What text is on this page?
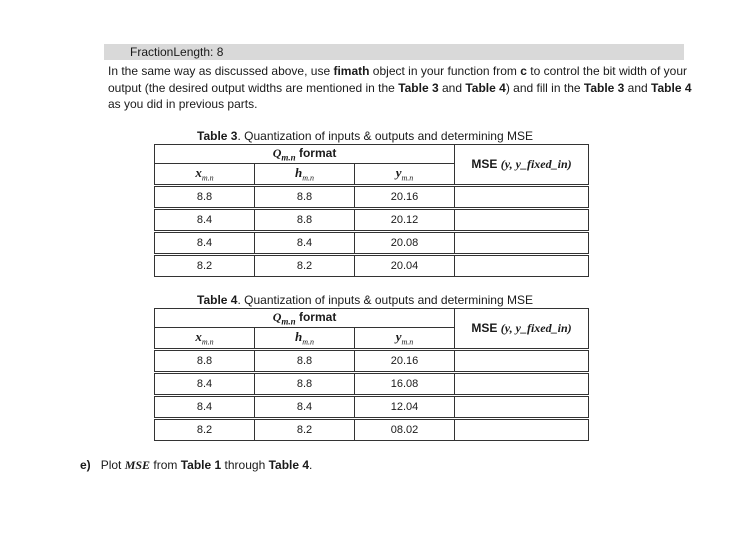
FractionLength: 8
In the same way as discussed above, use fimath object in your function from c to control the bit width of your output (the desired output widths are mentioned in the Table 3 and Table 4) and fill in the Table 3 and Table 4 as you did in previous parts.
Table 3. Quantization of inputs & outputs and determining MSE
$Q_{m.n}$ format			MSE (y, y_fixed_in)
$x_{m.n}$	$h_{m.n}$	$y_{m.n}$
8.8	8.8	20.16	
8.4	8.8	20.12	
8.4	8.4	20.08	
8.2	8.2	20.04	
Table 4. Quantization of inputs & outputs and determining MSE
$Q_{m.n}$ format			MSE (y, y_fixed_in)
$x_{m.n}$	$h_{m.n}$	$y_{m.n}$
8.8	8.8	20.16	
8.4	8.8	16.08	
8.4	8.4	12.04	
8.2	8.2	08.02	
e) Plot MSE from Table 1 through Table 4.
